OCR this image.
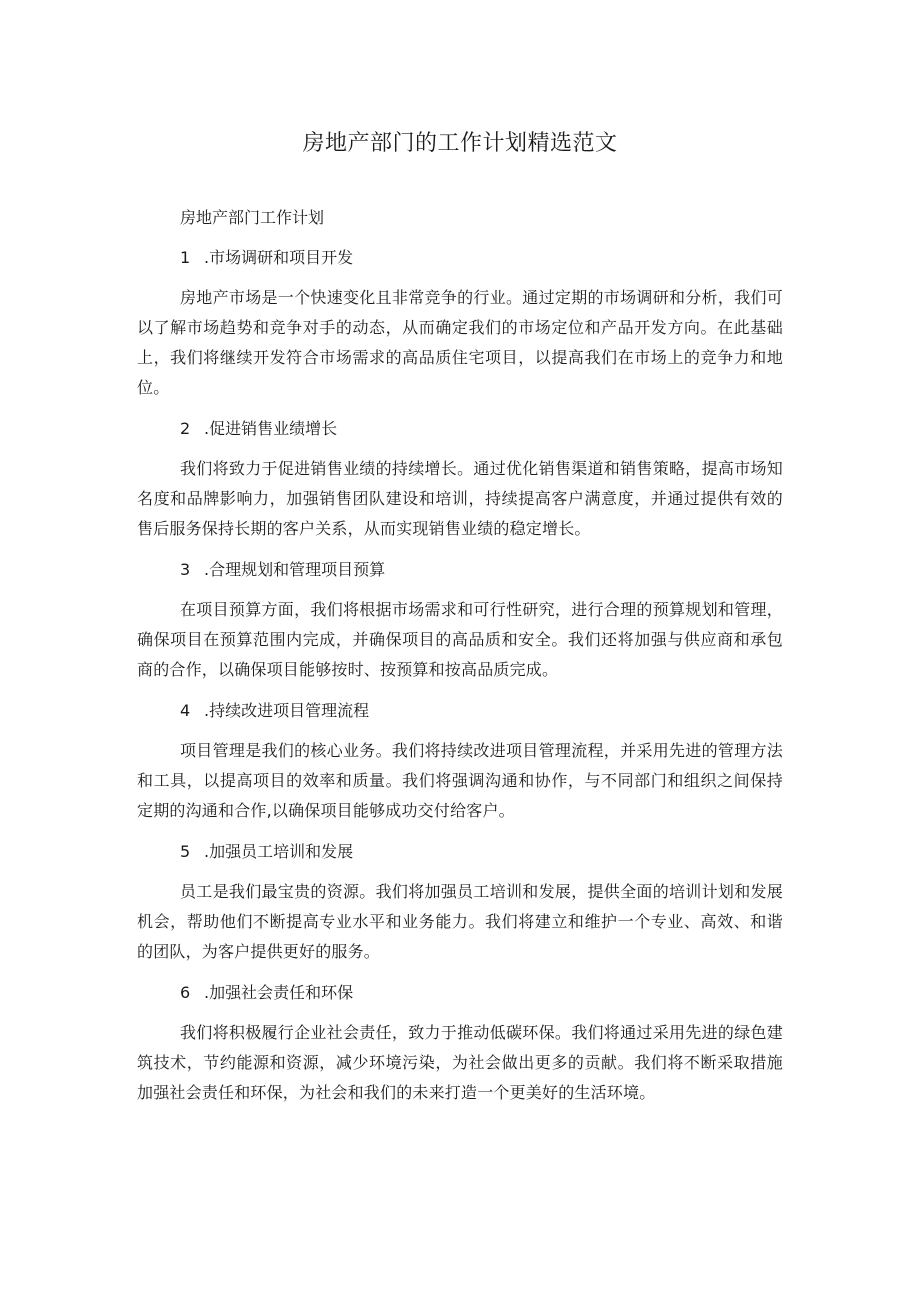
房地产部门的工作计划精选范文

房地产部门工作计划

1 .市场调研和项目开发

房地产市场是一个快速变化且非常竞争的行业。通过定期的市场调研和分析，我们可以了解市场趋势和竞争对手的动态，从而确定我们的市场定位和产品开发方向。在此基础上，我们将继续开发符合市场需求的高品质住宅项目，以提高我们在市场上的竞争力和地位。

2 .促进销售业绩增长

我们将致力于促进销售业绩的持续增长。通过优化销售渠道和销售策略，提高市场知名度和品牌影响力，加强销售团队建设和培训，持续提高客户满意度，并通过提供有效的售后服务保持长期的客户关系，从而实现销售业绩的稳定增长。

3 .合理规划和管理项目预算

在项目预算方面，我们将根据市场需求和可行性研究，进行合理的预算规划和管理，确保项目在预算范围内完成，并确保项目的高品质和安全。我们还将加强与供应商和承包商的合作，以确保项目能够按时、按预算和按高品质完成。

4 .持续改进项目管理流程

项目管理是我们的核心业务。我们将持续改进项目管理流程，并采用先进的管理方法和工具，以提高项目的效率和质量。我们将强调沟通和协作，与不同部门和组织之间保持定期的沟通和合作,以确保项目能够成功交付给客户。

5 .加强员工培训和发展

员工是我们最宝贵的资源。我们将加强员工培训和发展，提供全面的培训计划和发展机会，帮助他们不断提高专业水平和业务能力。我们将建立和维护一个专业、高效、和谐的团队，为客户提供更好的服务。

6 .加强社会责任和环保

我们将积极履行企业社会责任，致力于推动低碳环保。我们将通过采用先进的绿色建筑技术，节约能源和资源，减少环境污染，为社会做出更多的贡献。我们将不断采取措施加强社会责任和环保，为社会和我们的未来打造一个更美好的生活环境。
